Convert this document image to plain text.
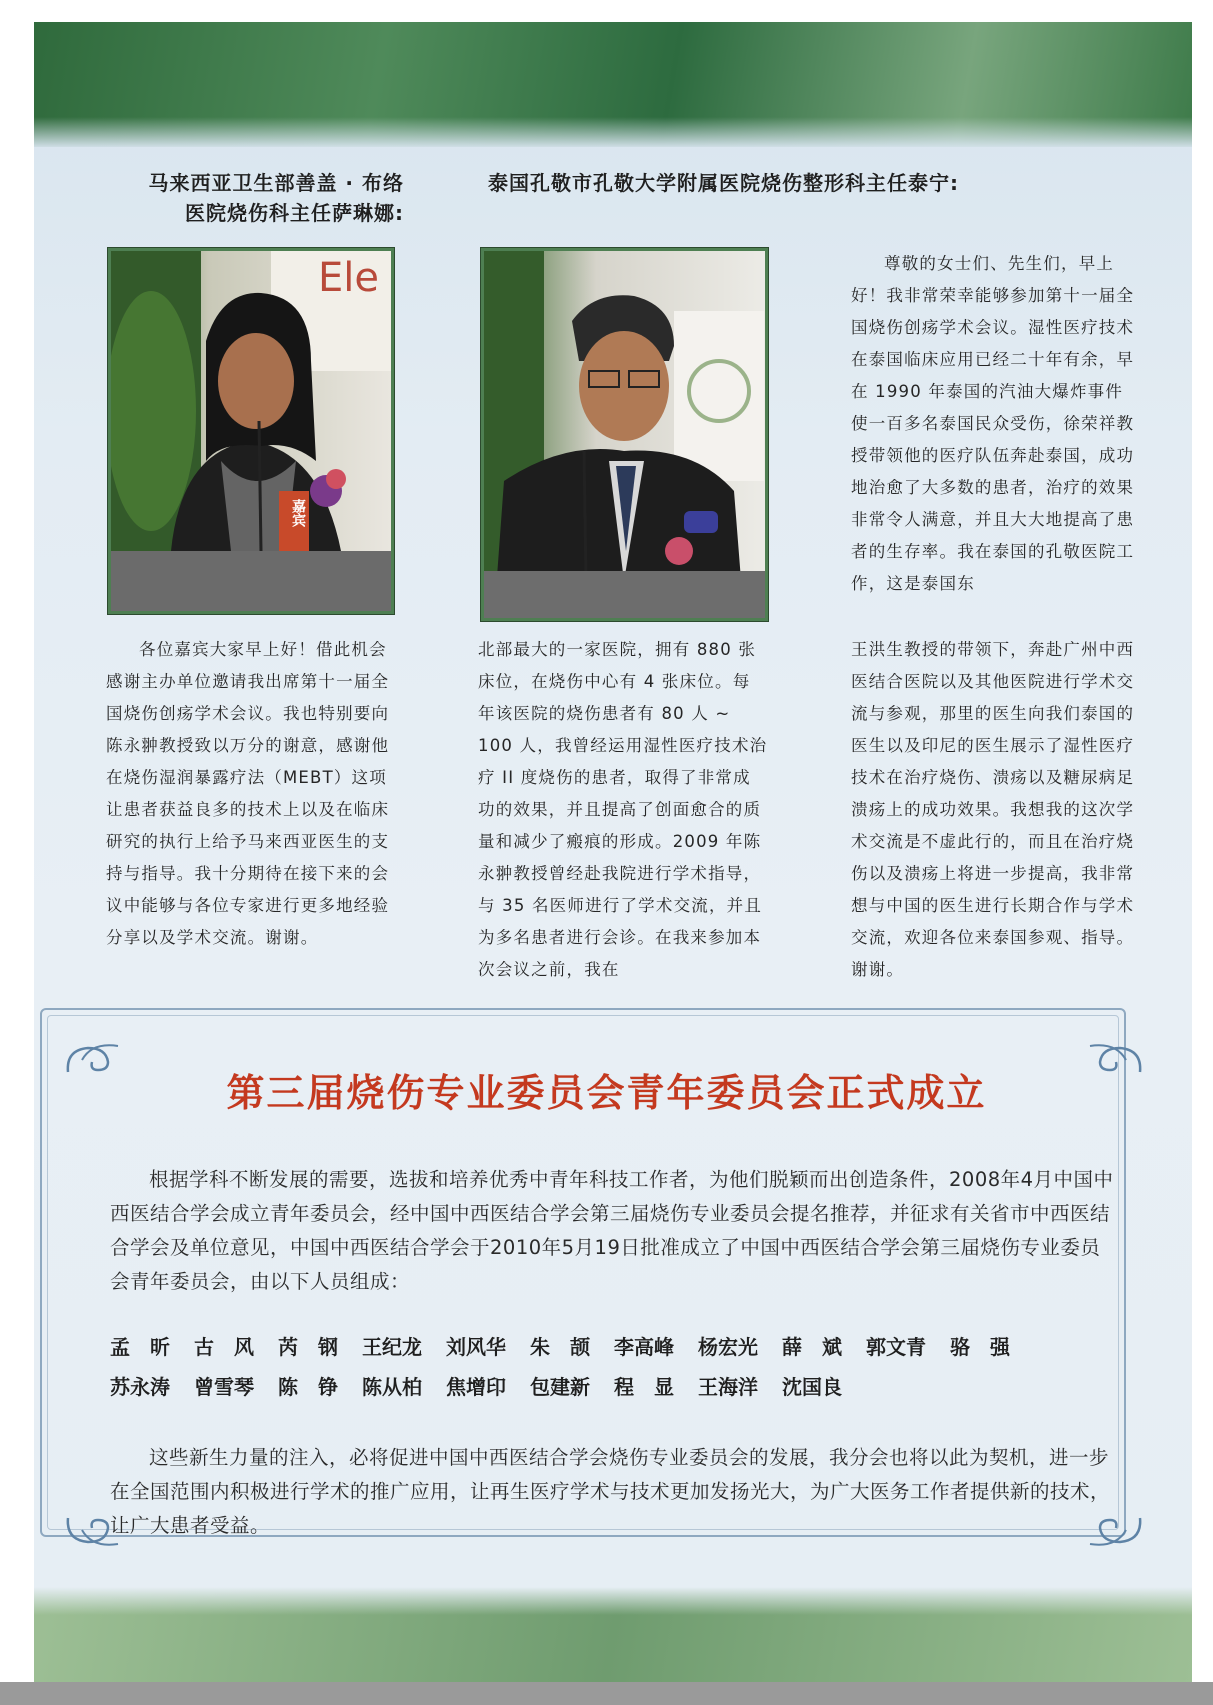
马来西亚卫生部善盖 · 布络
医院烧伤科主任萨琳娜:
泰国孔敬市孔敬大学附属医院烧伤整形科主任泰宁:
Ele
嘉宾

尊敬的女士们、先生们，早上好！我非常荣幸能够参加第十一届全国烧伤创疡学术会议。湿性医疗技术在泰国临床应用已经二十年有余，早在 1990 年泰国的汽油大爆炸事件使一百多名泰国民众受伤，徐荣祥教授带领他的医疗队伍奔赴泰国，成功地治愈了大多数的患者，治疗的效果非常令人满意，并且大大地提高了患者的生存率。我在泰国的孔敬医院工作，这是泰国东

各位嘉宾大家早上好！借此机会感谢主办单位邀请我出席第十一届全国烧伤创疡学术会议。我也特别要向陈永翀教授致以万分的谢意，感谢他在烧伤湿润暴露疗法（MEBT）这项让患者获益良多的技术上以及在临床研究的执行上给予马来西亚医生的支持与指导。我十分期待在接下来的会议中能够与各位专家进行更多地经验分享以及学术交流。谢谢。

北部最大的一家医院，拥有 880 张床位，在烧伤中心有 4 张床位。每年该医院的烧伤患者有 80 人 ~ 100 人，我曾经运用湿性医疗技术治疗 II 度烧伤的患者，取得了非常成功的效果，并且提高了创面愈合的质量和减少了瘢痕的形成。2009 年陈永翀教授曾经赴我院进行学术指导，与 35 名医师进行了学术交流，并且为多名患者进行会诊。在我来参加本次会议之前，我在

王洪生教授的带领下，奔赴广州中西医结合医院以及其他医院进行学术交流与参观，那里的医生向我们泰国的医生以及印尼的医生展示了湿性医疗技术在治疗烧伤、溃疡以及糖尿病足溃疡上的成功效果。我想我的这次学术交流是不虚此行的，而且在治疗烧伤以及溃疡上将进一步提高，我非常想与中国的医生进行长期合作与学术交流，欢迎各位来泰国参观、指导。谢谢。

第三届烧伤专业委员会青年委员会正式成立
根据学科不断发展的需要，选拔和培养优秀中青年科技工作者，为他们脱颖而出创造条件，2008年4月中国中西医结合学会成立青年委员会，经中国中西医结合学会第三届烧伤专业委员会提名推荐，并征求有关省市中西医结合学会及单位意见，中国中西医结合学会于2010年5月19日批准成立了中国中西医结合学会第三届烧伤专业委员会青年委员会，由以下人员组成：
孟　昕 古　风 芮　钢 王纪龙 刘风华 朱　颉 李高峰 杨宏光 薛　斌 郭文青 骆　强
苏永涛 曾雪琴 陈　铮 陈从柏 焦增印 包建新 程　显 王海洋 沈国良
这些新生力量的注入，必将促进中国中西医结合学会烧伤专业委员会的发展，我分会也将以此为契机，进一步在全国范围内积极进行学术的推广应用，让再生医疗学术与技术更加发扬光大，为广大医务工作者提供新的技术，让广大患者受益。
